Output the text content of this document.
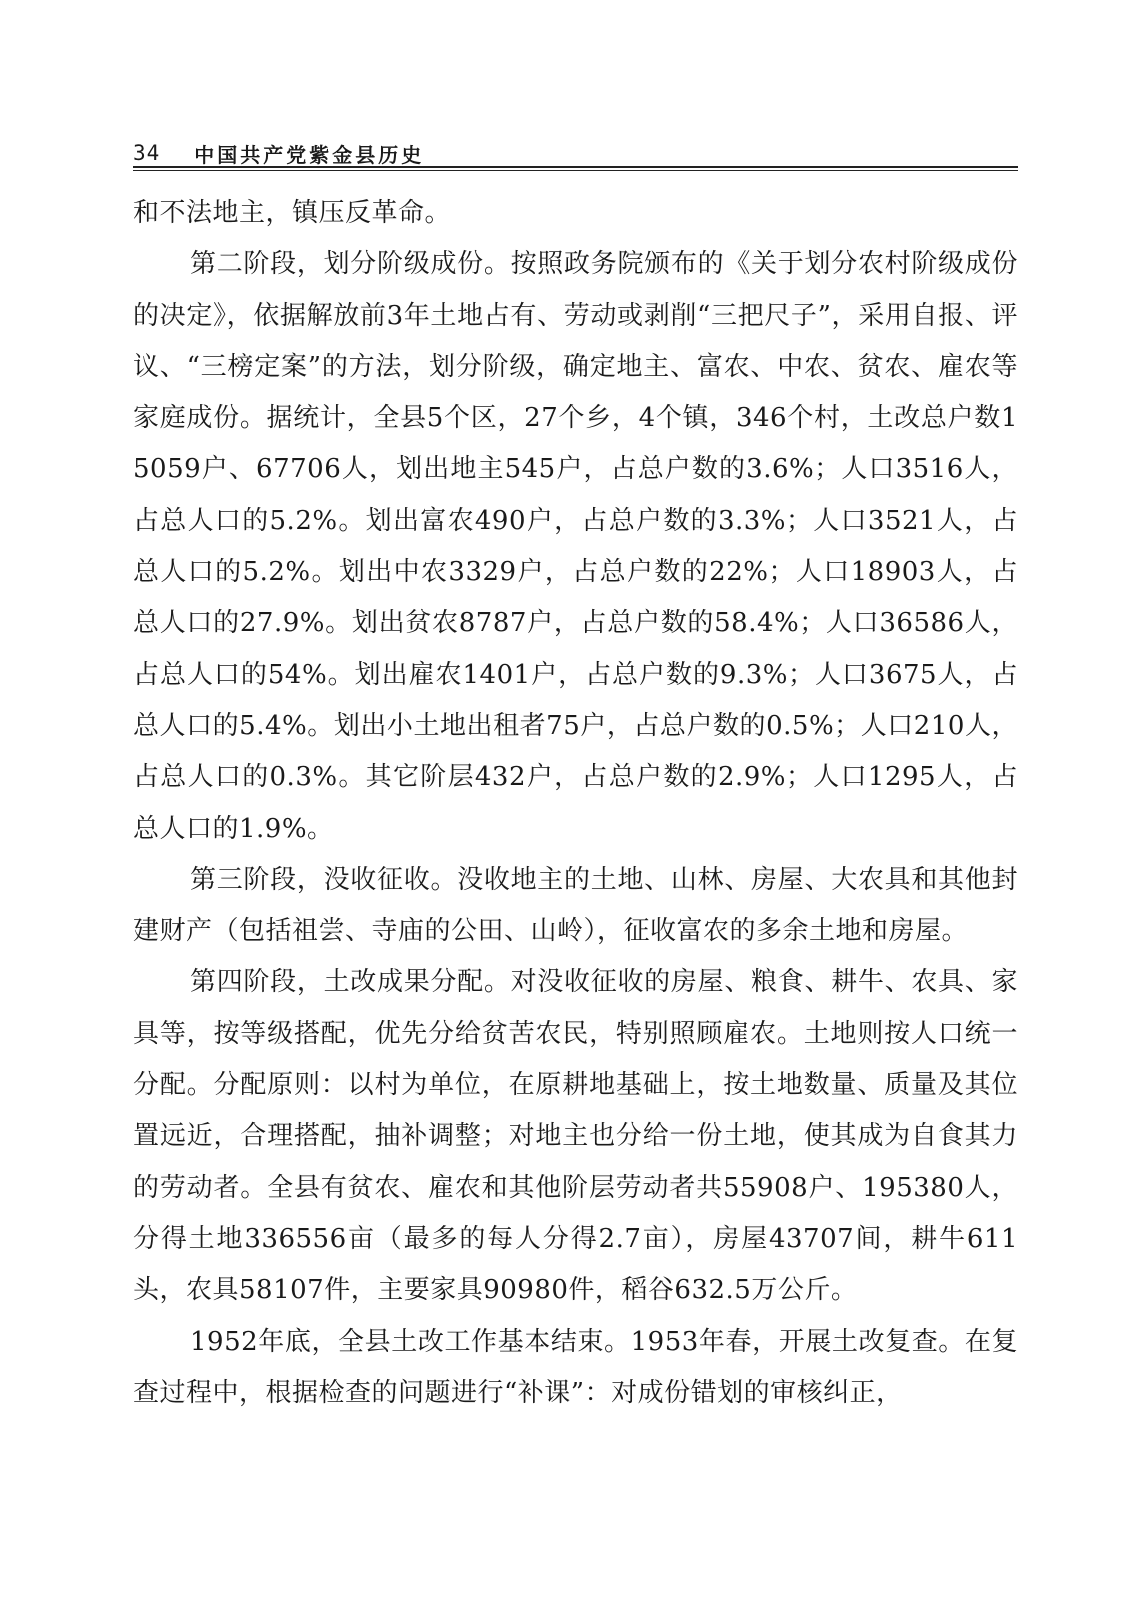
34 中国共产党紫金县历史

和不法地主，镇压反革命。

第二阶段，划分阶级成份。按照政务院颁布的《关于划分农村阶级成份的决定》，依据解放前3年土地占有、劳动或剥削“三把尺子”，采用自报、评议、“三榜定案”的方法，划分阶级，确定地主、富农、中农、贫农、雇农等家庭成份。据统计，全县5个区，27个乡，4个镇，346个村，土改总户数15059户、67706人，划出地主545户，占总户数的3.6%；人口3516人，占总人口的5.2%。划出富农490户，占总户数的3.3%；人口3521人，占总人口的5.2%。划出中农3329户，占总户数的22%；人口18903人，占总人口的27.9%。划出贫农8787户，占总户数的58.4%；人口36586人，占总人口的54%。划出雇农1401户，占总户数的9.3%；人口3675人，占总人口的5.4%。划出小土地出租者75户，占总户数的0.5%；人口210人，占总人口的0.3%。其它阶层432户，占总户数的2.9%；人口1295人，占总人口的1.9%。

第三阶段，没收征收。没收地主的土地、山林、房屋、大农具和其他封建财产（包括祖尝、寺庙的公田、山岭），征收富农的多余土地和房屋。

第四阶段，土改成果分配。对没收征收的房屋、粮食、耕牛、农具、家具等，按等级搭配，优先分给贫苦农民，特别照顾雇农。土地则按人口统一分配。分配原则：以村为单位，在原耕地基础上，按土地数量、质量及其位置远近，合理搭配，抽补调整；对地主也分给一份土地，使其成为自食其力的劳动者。全县有贫农、雇农和其他阶层劳动者共55908户、195380人，分得土地336556亩（最多的每人分得2.7亩），房屋43707间，耕牛611头，农具58107件，主要家具90980件，稻谷632.5万公斤。

1952年底，全县土改工作基本结束。1953年春，开展土改复查。在复查过程中，根据检查的问题进行“补课”：对成份错划的审核纠正，
